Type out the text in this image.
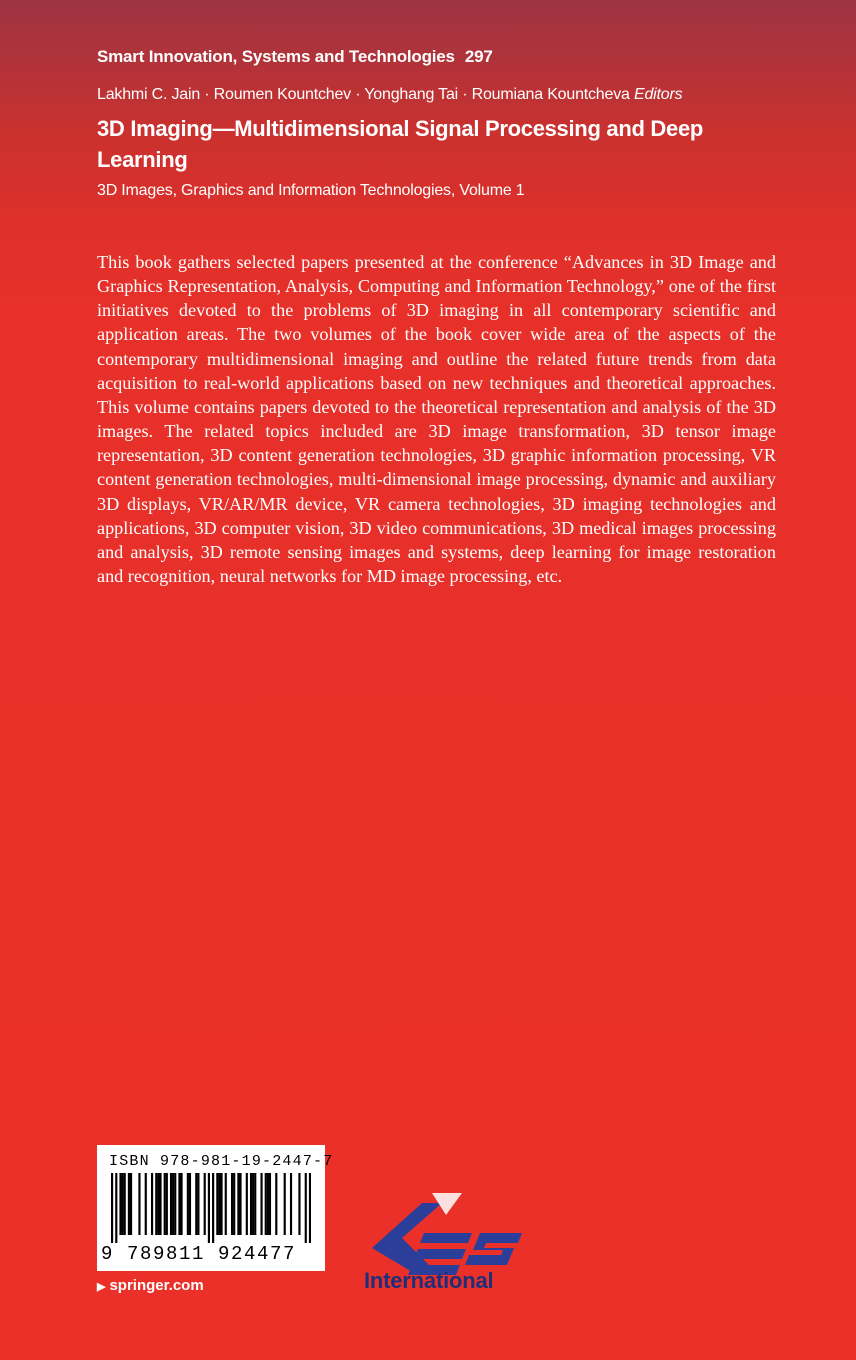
Smart Innovation, Systems and Technologies 297
Lakhmi C. Jain · Roumen Kountchev · Yonghang Tai · Roumiana Kountcheva Editors
3D Imaging—Multidimensional Signal Processing and Deep Learning
3D Images, Graphics and Information Technologies, Volume 1

This book gathers selected papers presented at the conference “Advances in 3D Image and Graphics Representation, Analysis, Computing and Information Technology,” one of the first initiatives devoted to the problems of 3D imaging in all contemporary scientific and application areas. The two volumes of the book cover wide area of the aspects of the contemporary multidimensional imaging and outline the related future trends from data acquisition to real-world applications based on new techniques and theoretical approaches. This volume contains papers devoted to the theoretical representation and analysis of the 3D images. The related topics included are 3D image transformation, 3D tensor image representation, 3D content generation technologies, 3D graphic information processing, VR content generation technologies, multi-dimensional image processing, dynamic and auxiliary 3D displays, VR/AR/MR device, VR camera technologies, 3D imaging technologies and applications, 3D computer vision, 3D video communications, 3D medical images processing and analysis, 3D remote sensing images and systems, deep learning for image restoration and recognition, neural networks for MD image processing, etc.

ISBN 978-981-19-2447-7
9 789811 924477
▶ springer.com	International
